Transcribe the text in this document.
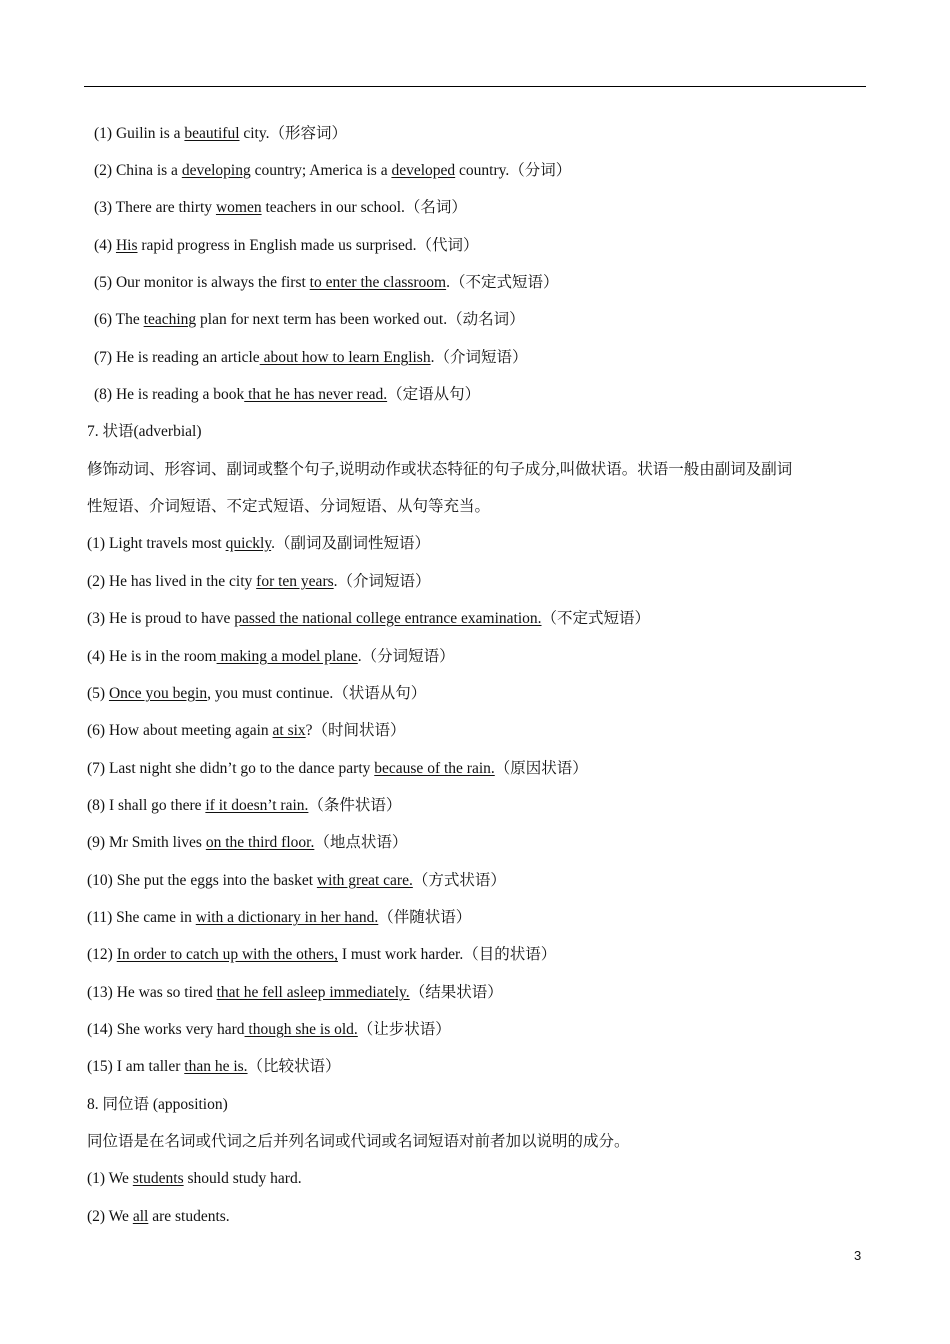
(1) Guilin is a beautiful city.（形容词）
(2) China is a developing country; America is a developed country.（分词）
(3) There are thirty women teachers in our school.（名词）
(4) His rapid progress in English made us surprised.（代词）
(5) Our monitor is always the first to enter the classroom.（不定式短语）
(6) The teaching plan for next term has been worked out.（动名词）
(7) He is reading an article about how to learn English.（介词短语）
(8) He is reading a book that he has never read.（定语从句）
7. 状语(adverbial)
修饰动词、形容词、副词或整个句子,说明动作或状态特征的句子成分,叫做状语。状语一般由副词及副词
性短语、介词短语、不定式短语、分词短语、从句等充当。
(1) Light travels most quickly.（副词及副词性短语）
(2) He has lived in the city for ten years.（介词短语）
(3) He is proud to have passed the national college entrance examination.（不定式短语）
(4) He is in the room making a model plane.（分词短语）
(5) Once you begin, you must continue.（状语从句）
(6) How about meeting again at six?（时间状语）
(7) Last night she didn’t go to the dance party because of the rain.（原因状语）
(8) I shall go there if it doesn’t rain.（条件状语）
(9) Mr Smith lives on the third floor.（地点状语）
(10) She put the eggs into the basket with great care.（方式状语）
(11) She came in with a dictionary in her hand.（伴随状语）
(12) In order to catch up with the others, I must work harder.（目的状语）
(13) He was so tired that he fell asleep immediately.（结果状语）
(14) She works very hard though she is old.（让步状语）
(15) I am taller than he is.（比较状语）
8. 同位语 (apposition)
同位语是在名词或代词之后并列名词或代词或名词短语对前者加以说明的成分。
(1) We students should study hard.
(2) We all are students.
3
